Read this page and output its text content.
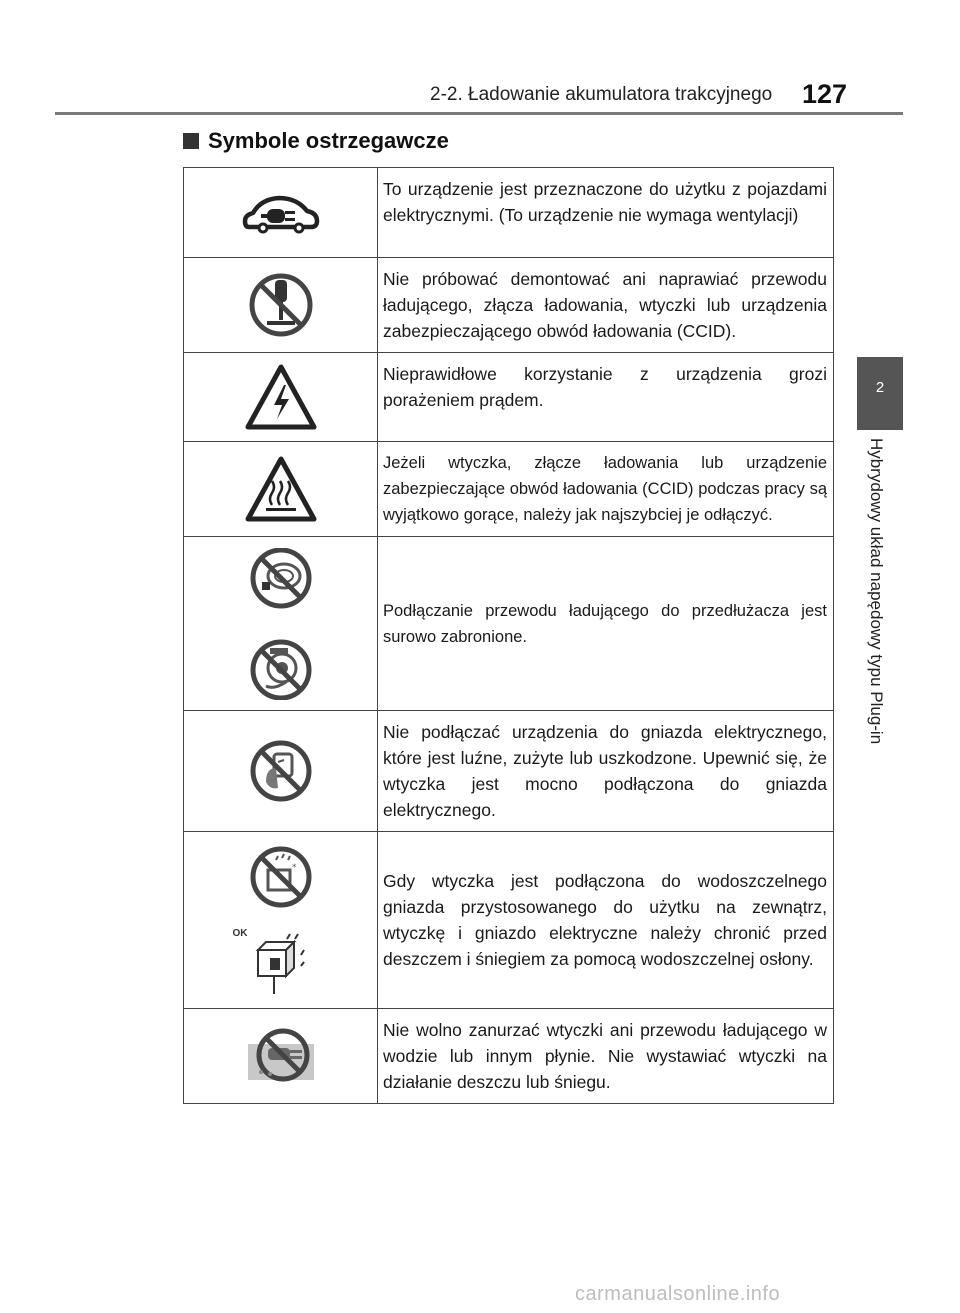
2-2. Ładowanie akumulatora trakcyjnego 127
Symbole ostrzegawcze
2
Hybrydowy układ napędowy typu Plug-in
	To urządzenie jest przeznaczone do użytku z pojazdami elektrycznymi. (To urządzenie nie wymaga wentylacji)

	Nie próbować demontować ani naprawiać przewodu ładującego, złącza ładowania, wtyczki lub urządzenia zabezpieczającego obwód ładowania (CCID).

	Nieprawidłowe korzystanie z urządzenia grozi porażeniem prądem.

	Jeżeli wtyczka, złącze ładowania lub urządzenie zabezpieczające obwód ładowania (CCID) podczas pracy są wyjątkowo gorące, należy jak najszybciej je odłączyć.

	Podłączanie przewodu ładującego do przedłużacza jest surowo zabronione.

	Nie podłączać urządzenia do gniazda elektrycznego, które jest luźne, zużyte lub uszkodzone. Upewnić się, że wtyczka jest mocno podłączona do gniazda elektrycznego.

*
OK	Gdy wtyczka jest podłączona do wodoszczelnego gniazda przystosowanego do użytku na zewnątrz, wtyczkę i gniazdo elektryczne należy chronić przed deszczem i śniegiem za pomocą wodoszczelnej osłony.

	Nie wolno zanurzać wtyczki ani przewodu ładującego w wodzie lub innym płynie. Nie wystawiać wtyczki na działanie deszczu lub śniegu.
carmanualsonline.info
